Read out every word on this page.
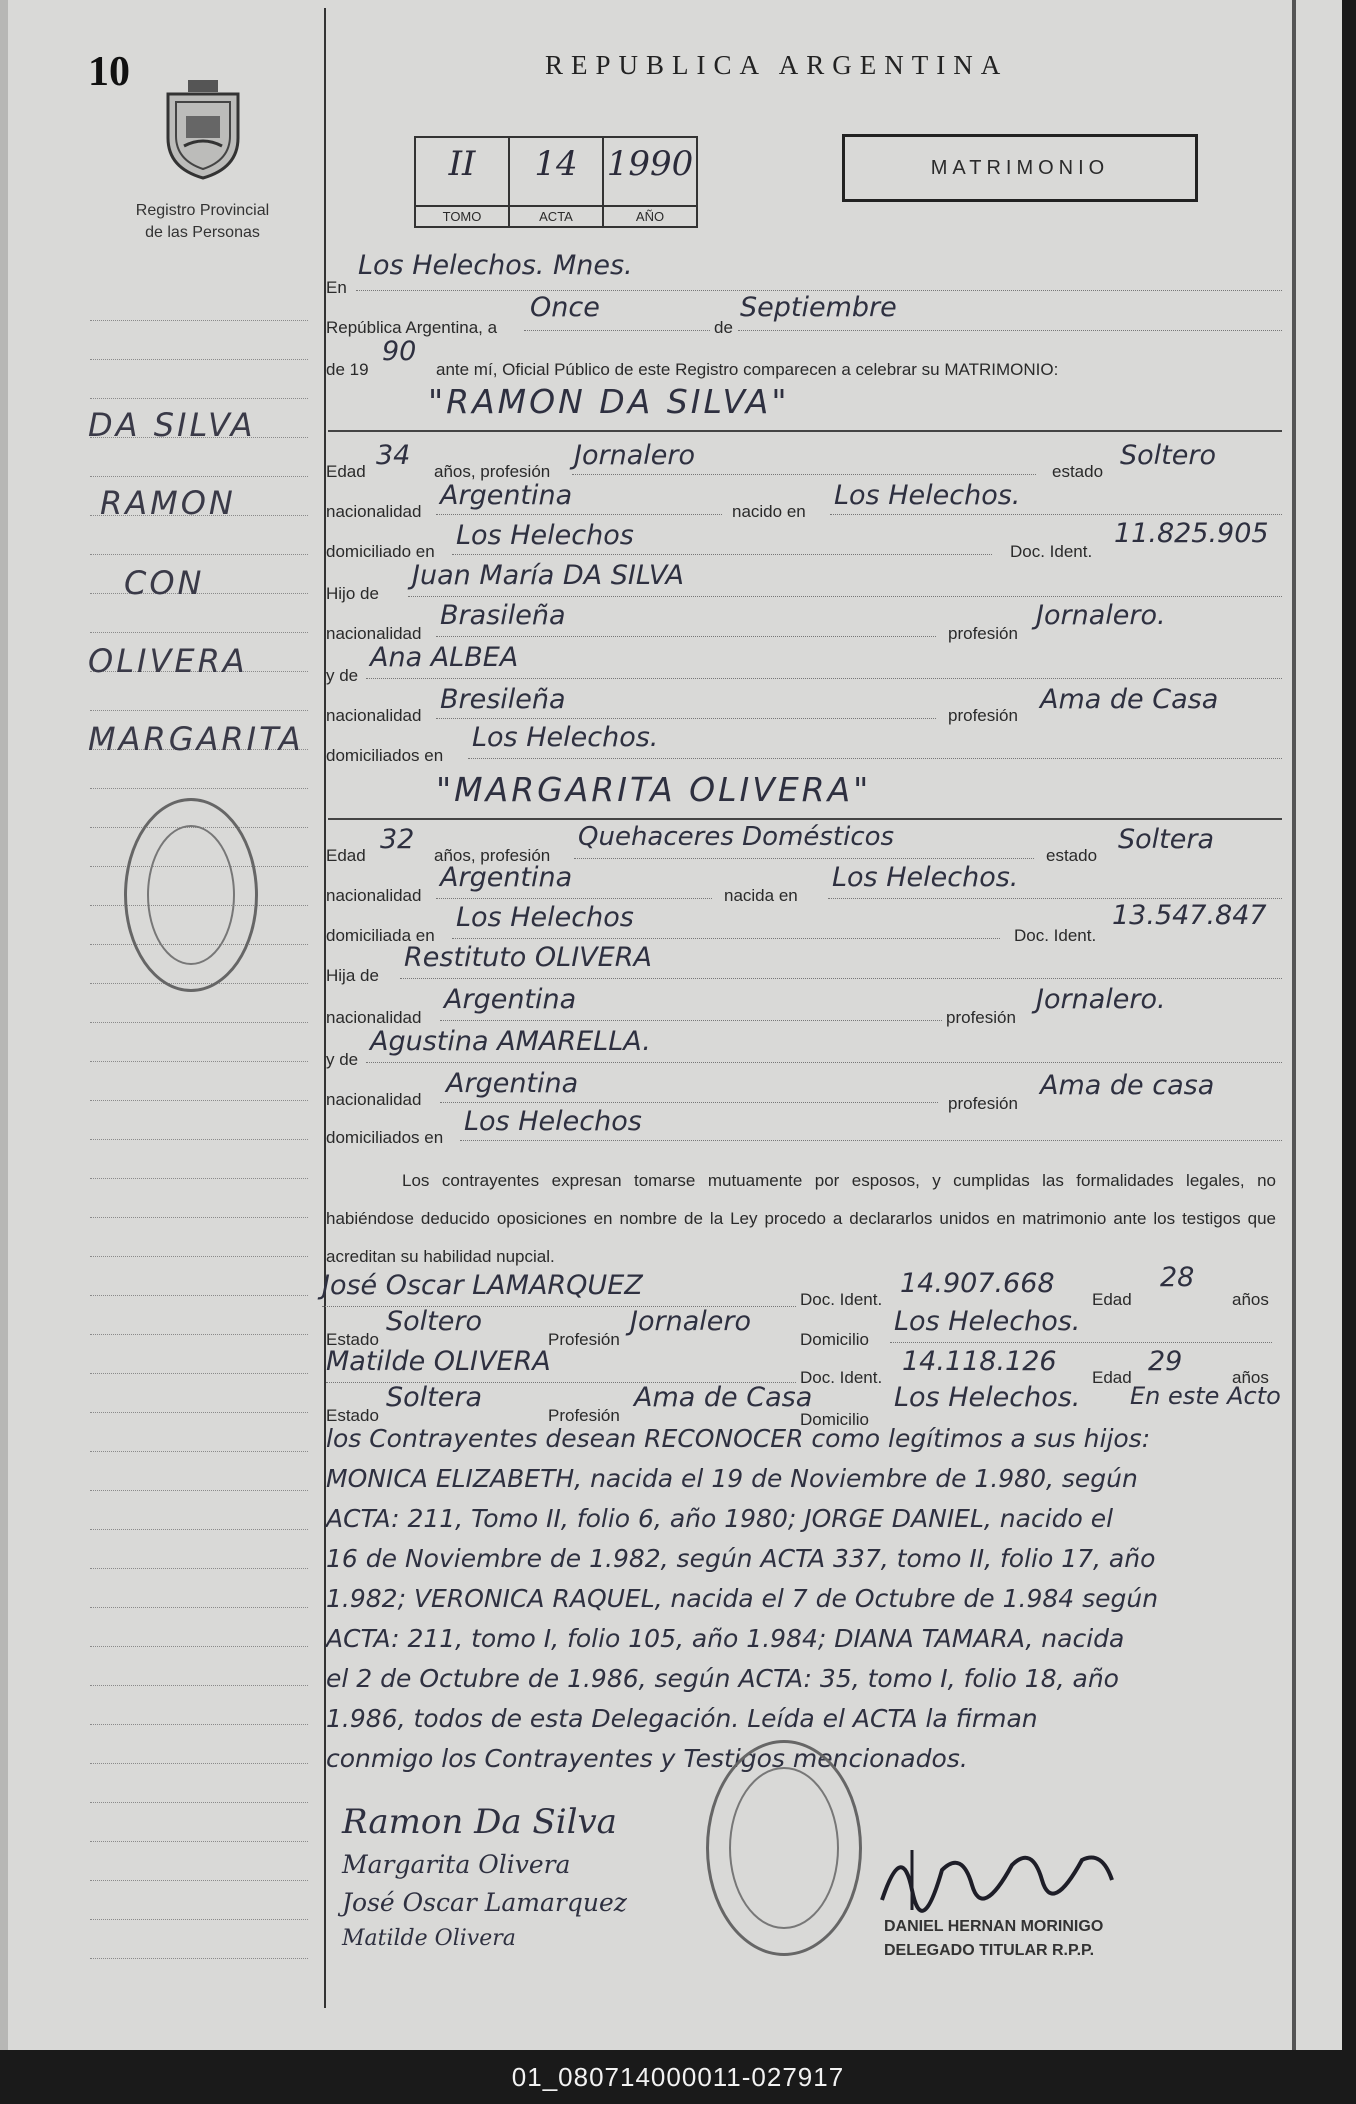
10
Registro Provincial
de las Personas
DA SILVA
RAMON
CON
OLIVERA
MARGARITA
REPUBLICA ARGENTINA
MATRIMONIO
II
TOMO
14
ACTA
1990
AÑO
En
Los Helechos. Mnes.
República Argentina, a
Once
de
Septiembre
de 19
90
ante mí, Oficial Público de este Registro comparecen a celebrar su MATRIMONIO:
"RAMON DA SILVA"
Edad
34
años, profesión
Jornalero
estado
Soltero
nacionalidad
Argentina
nacido en
Los Helechos.
domiciliado en
Los Helechos
Doc. Ident.
11.825.905
Hijo de
Juan María DA SILVA
nacionalidad
Brasileña
profesión
Jornalero.
y de
Ana ALBEA
nacionalidad
Bresileña
profesión
Ama de Casa
domiciliados en
Los Helechos.
"MARGARITA OLIVERA"
Edad
32
años, profesión
Quehaceres Domésticos
estado
Soltera
nacionalidad
Argentina
nacida en
Los Helechos.
domiciliada en
Los Helechos
Doc. Ident.
13.547.847
Hija de
Restituto OLIVERA
nacionalidad
Argentina
profesión
Jornalero.
y de
Agustina AMARELLA.
nacionalidad
Argentina
profesión
Ama de casa
domiciliados en
Los Helechos
Los contrayentes expresan tomarse mutuamente por esposos, y cumplidas las formalidades legales, no habiéndose deducido oposiciones en nombre de la Ley procedo a declararlos unidos en matrimonio ante los testigos que acreditan su habilidad nupcial.
José Oscar LAMARQUEZ	Doc. Ident.
14.907.668
Edad
28
años
Estado
Soltero
Profesión
Jornalero
Domicilio
Los Helechos.
Matilde OLIVERA
Doc. Ident.
14.118.126
Edad
29
años
Estado
Soltera
Profesión
Ama de Casa
Domicilio
Los Helechos. En este Acto
los Contrayentes desean RECONOCER como legítimos a sus hijos:
MONICA ELIZABETH, nacida el 19 de Noviembre de 1.980, según
ACTA: 211, Tomo II, folio 6, año 1980; JORGE DANIEL, nacido el
16 de Noviembre de 1.982, según ACTA 337, tomo II, folio 17, año
1.982; VERONICA RAQUEL, nacida el 7 de Octubre de 1.984 según
ACTA: 211, tomo I, folio 105, año 1.984; DIANA TAMARA, nacida
el 2 de Octubre de 1.986, según ACTA: 35, tomo I, folio 18, año
1.986, todos de esta Delegación. Leída el ACTA la firman
conmigo los Contrayentes y Testigos mencionados.
Ramon Da Silva
Margarita Olivera
José Oscar Lamarquez
Matilde Olivera	DANIEL HERNAN MORINIGO
DELEGADO TITULAR R.P.P.
01_080714000011-027917
